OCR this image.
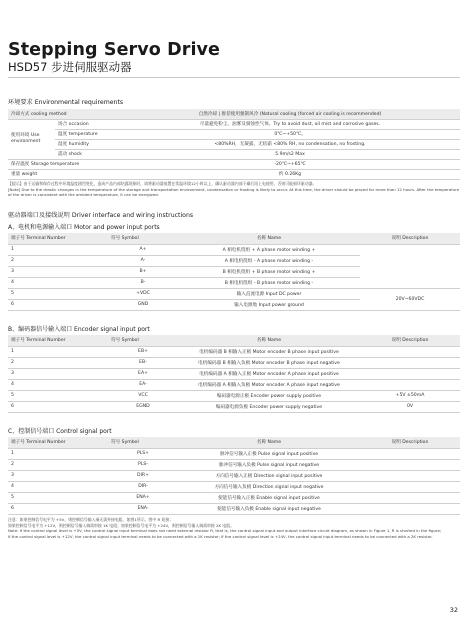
Stepping Servo Drive
HSD57 步进伺服驱动器
环境要求 Environmental requirements
冷却方式 cooling method		自然冷却 | 推荐使用强制风冷 (Natural cooling (forced air cooling is recommended)
使用环境 Use environment	场合 occasion	尽量避免粉尘、油雾及腐蚀性气体。Try to avoid dust, oil mist and corrosive gases.
	温度 temperature	0℃~+50℃。
	湿度 humidity	<80%RH，无凝露，无结霜 <80% RH, no condensation, no frosting.
	震动 shock	5.9m/s2 Max
保存温度 Storage temperature		-20℃~+65℃
重量 weight		约 0.26Kg
【提示】由于运输和保存过程中环境温度剧烈变化，造成产品内部结露现象时，请将驱动器放置在常温环境12小时以上，确认驱动器内部干燥后再上电使用，否则可能损坏驱动器。
[Note] Due to the drastic changes in the temperature of the storage and transportation environment, condensation or frosting is likely to occur. At this time, the driver should be placed for more than 12 hours. After the temperature of the driver is consistent with the ambient temperature, it can be energized.
驱动器端口及接线说明 Driver interface and wiring instructions
A、电机和电源输入端口 Motor and power input ports
端子号 Terminal Number	符号 Symbol	名称 Name	说明 Description
1	A+	A 相电机绕组 + A phase motor winding +	
2	A-	A 相电机绕组 - A phase motor winding -	
3	B+	B 相电机绕组 + B phase motor winding +	
4	B-	B 相电机绕组 - B phase motor winding -	
5	+VDC	输入直流电源 Input DC power	20V~60VDC
6	GND	输入电源地 Input power ground	
B、编码器信号输入端口 Encoder signal input port
端子号 Terminal Number	符号 Symbol	名称 Name	说明 Description
1	EB+	电机编码器 B 相输入正极 Motor encoder B phase input positive	
2	EB-	电机编码器 B 相输入负极 Motor encoder B phase input negative	
3	EA+	电机编码器 A 相输入正极 Motor encoder A phase input positive	
4	EA-	电机编码器 A 相输入负极 Motor encoder A phase input negative	
5	VCC	编码器电源正极 Encoder power supply positive	+5V ±50mA
6	EGND	编码器电源负极 Encoder power supply negative	0V
C、控制信号端口 Control signal port
端子号 Terminal Number	符号 Symbol	名称 Name	说明 Description
1	PLS+	脉冲信号输入正极 Pulse signal input positive	
2	PLS-	脉冲信号输入负极 Pulse signal input negative	
3	DIR+	方向信号输入正极 Direction signal input positive	
4	DIR-	方向信号输入负极 Direction signal input negative	
5	ENA+	使能信号输入正极 Enable signal input positive	
6	ENA-	使能信号输入负极 Enable signal input negative	
注意：如果控制信号电平为 +5V，则控制信号输入端无需外接电阻，如图1所示，图中 R 短接；
如果控制信号电平为 +12V，则控制信号输入端需串接 1K 电阻；如果控制信号电平为 +24V，则控制信号输入端需串接 2K 电阻。
Note: If the control signal level is +5V, the control signal input terminal does not need external resistor R, that is, the control signal input and output interface circuit diagram, as shown in Figure 1, R is shorted in the figure;
If the control signal level is +12V, the control signal input terminal needs to be connected with a 1K resistor; If the control signal level is +24V, the control signal input terminal needs to be connected with a 2K resistor.
32
